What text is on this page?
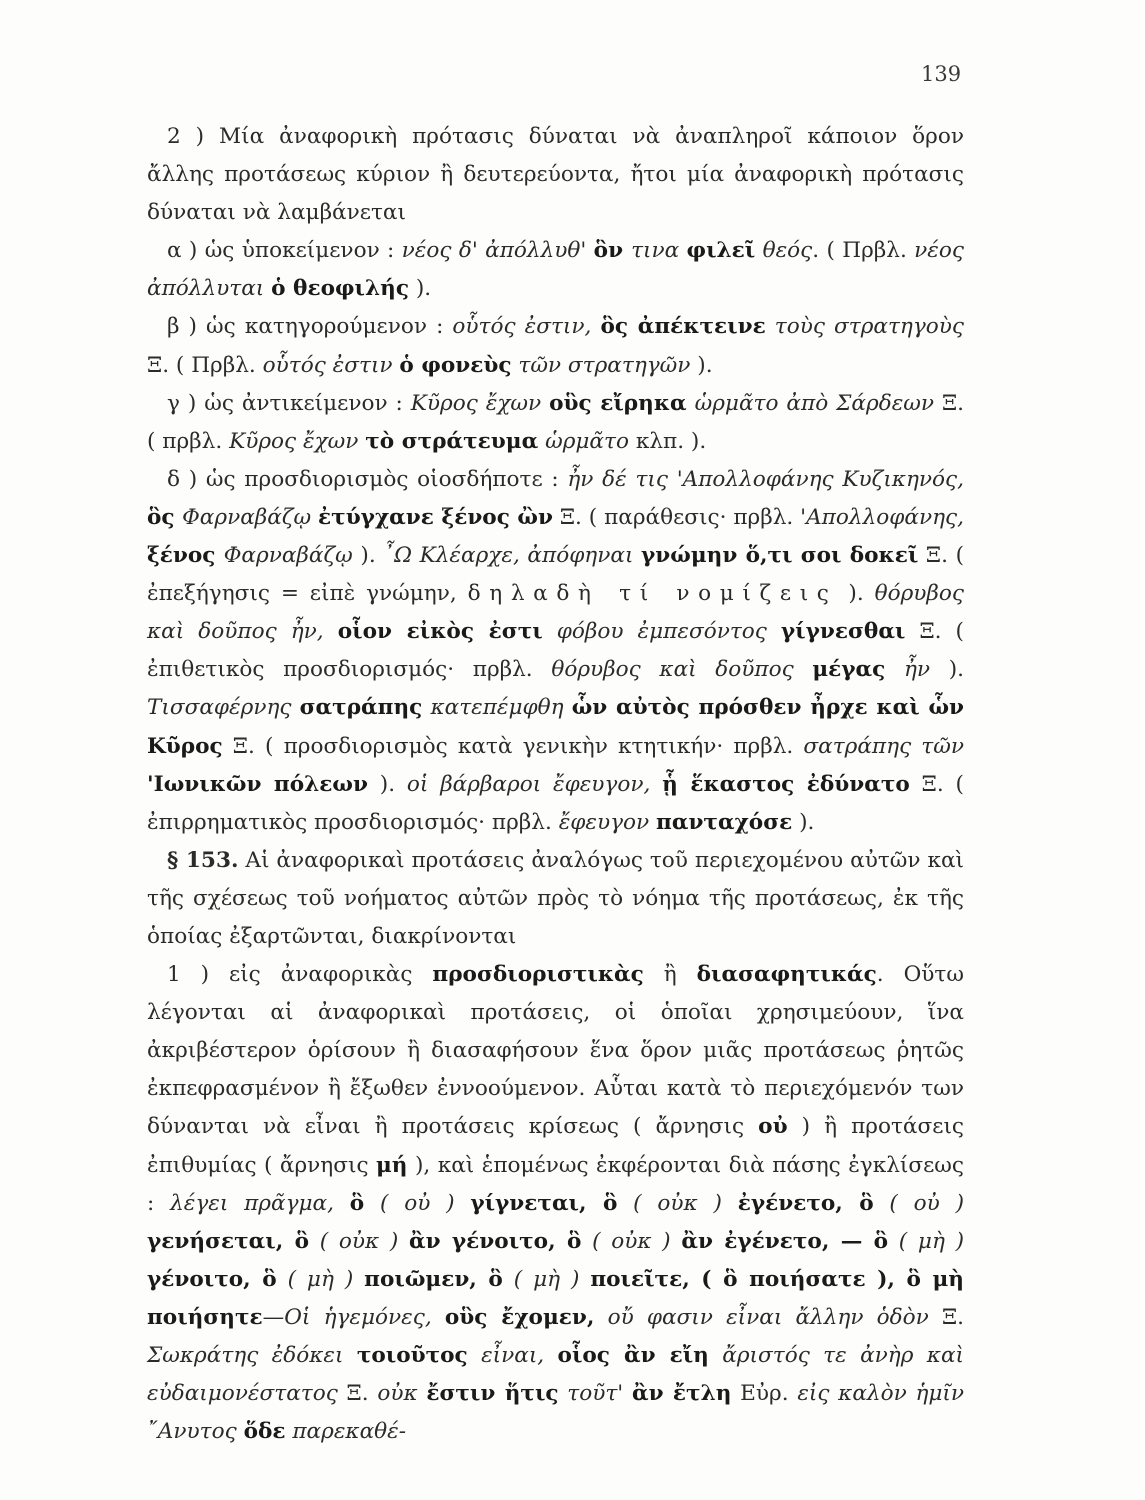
139

2 ) Μία ἀναφορικὴ πρότασις δύναται νὰ ἀναπληροῖ κάποιον ὅρον ἄλλης προτάσεως κύριον ἢ δευτερεύοντα, ἤτοι μία ἀναφορικὴ πρότασις δύναται νὰ λαμβάνεται

α ) ὡς ὑποκείμενον : νέος δ' ἀπόλλυθ' ὃν τινα φιλεῖ θεός. ( Πρβλ. νέος ἀπόλλυται ὁ θεοφιλής ).

β ) ὡς κατηγορούμενον : οὗτός ἐστιν, ὃς ἀπέκτεινε τοὺς στρατηγοὺς Ξ. ( Πρβλ. οὗτός ἐστιν ὁ φονεὺς τῶν στρατηγῶν ).

γ ) ὡς ἀντικείμενον : Κῦρος ἔχων οὓς εἴρηκα ὡρμᾶτο ἀπὸ Σάρδεων Ξ. ( πρβλ. Κῦρος ἔχων τὸ στράτευμα ὡρμᾶτο κλπ. ).

δ ) ὡς προσδιορισμὸς οἱοσδήποτε : ἦν δέ τις 'Απολλοφάνης Κυζικηνός, ὃς Φαρναβάζῳ ἐτύγχανε ξένος ὢν Ξ. ( παράθεσις· πρβλ. 'Απολλοφάνης, ξένος Φαρναβάζῳ ). ῏Ω Κλέαρχε, ἀπόφηναι γνώμην ὅ,τι σοι δοκεῖ Ξ. ( ἐπεξήγησις = εἰπὲ γνώμην, δηλαδὴ τί νομίζεις ). θόρυβος καὶ δοῦπος ἦν, οἷον εἰκὸς ἐστι φόβου ἐμπεσόντος γίγνεσθαι Ξ. ( ἐπιθετικὸς προσδιορισμός· πρβλ. θόρυβος καὶ δοῦπος μέγας ἦν ). Τισσαφέρνης σατράπης κατεπέμφθη ὧν αὐτὸς πρόσθεν ἦρχε καὶ ὧν Κῦρος Ξ. ( προσδιορισμὸς κατὰ γενικὴν κτητικήν· πρβλ. σατράπης τῶν 'Ιωνικῶν πόλεων ). οἱ βάρβαροι ἔφευγον, ᾗ ἕκαστος ἐδύνατο Ξ. ( ἐπιρρηματικὸς προσδιορισμός· πρβλ. ἔφευγον πανταχόσε ).

§ 153. Αἱ ἀναφορικαὶ προτάσεις ἀναλόγως τοῦ περιεχομένου αὐτῶν καὶ τῆς σχέσεως τοῦ νοήματος αὐτῶν πρὸς τὸ νόημα τῆς προτάσεως, ἐκ τῆς ὁποίας ἐξαρτῶνται, διακρίνονται

1 ) εἰς ἀναφορικὰς προσδιοριστικὰς ἢ διασαφητικάς. Οὕτω λέγονται αἱ ἀναφορικαὶ προτάσεις, οἱ ὁποῖαι χρησιμεύουν, ἵνα ἀκριβέστερον ὁρίσουν ἢ διασαφήσουν ἕνα ὅρον μιᾶς προτάσεως ῥητῶς ἐκπεφρασμένον ἢ ἔξωθεν ἐννοούμενον. Αὗται κατὰ τὸ περιεχόμενόν των δύνανται νὰ εἶναι ἢ προτάσεις κρίσεως ( ἄρνησις οὐ ) ἢ προτάσεις ἐπιθυμίας ( ἄρνησις μή ), καὶ ἑπομένως ἐκφέρονται διὰ πάσης ἐγκλίσεως : λέγει πρᾶγμα, ὃ ( οὐ ) γίγνεται, ὃ ( οὐκ ) ἐγένετο, ὃ ( οὐ ) γενήσεται, ὃ ( οὐκ ) ἂν γένοιτο, ὃ ( οὐκ ) ἂν ἐγένετο, — ὃ ( μὴ ) γένοιτο, ὃ ( μὴ ) ποιῶμεν, ὃ ( μὴ ) ποιεῖτε, ( ὃ ποιήσατε ), ὃ μὴ ποιήσητε—Οἱ ἡγεμόνες, οὓς ἔχομεν, οὔ φασιν εἶναι ἄλλην ὁδὸν Ξ. Σωκράτης ἐδόκει τοιοῦτος εἶναι, οἷος ἂν εἴη ἄριστός τε ἀνὴρ καὶ εὐδαιμονέστατος Ξ. οὐκ ἔστιν ἥτις τοῦτ' ἂν ἔτλη Εὐρ. εἰς καλὸν ἡμῖν ῎Ανυτος ὅδε παρεκαθέ-
